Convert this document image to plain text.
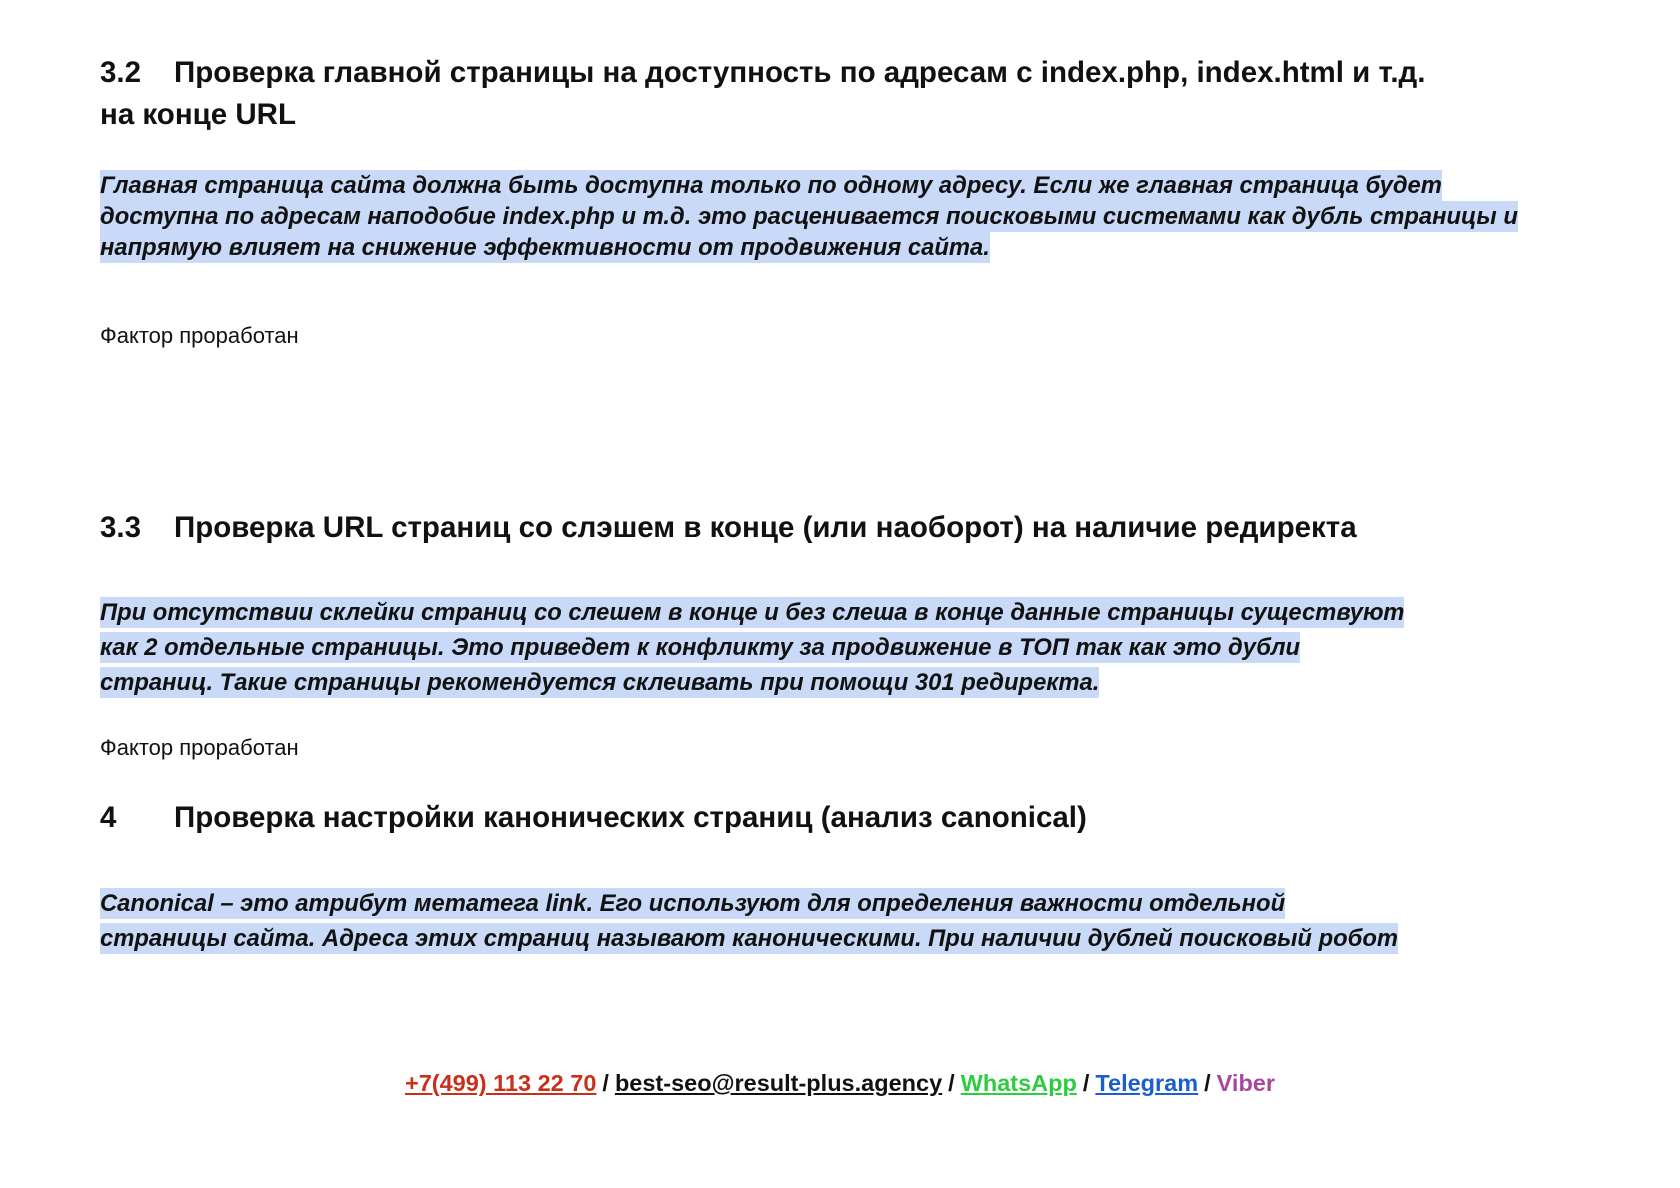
3.2 Проверка главной страницы на доступность по адресам с index.php, index.html и т.д.
на конце URL

Главная страница сайта должна быть доступна только по одному адресу. Если же главная страница будет
доступна по адресам наподобие index.php и т.д. это расценивается поисковыми системами как дубль страницы и
напрямую влияет на снижение эффективности от продвижения сайта.

Фактор проработан

3.3 Проверка URL страниц со слэшем в конце (или наоборот) на наличие редиректа

При отсутствии склейки страниц со слешем в конце и без слеша в конце данные страницы существуют
как 2 отдельные страницы. Это приведет к конфликту за продвижение в ТОП так как это дубли
страниц. Такие страницы рекомендуется склеивать при помощи 301 редиректа.

Фактор проработан

4 Проверка настройки канонических страниц (анализ canonical)

Canonical – это атрибут метатега link. Его используют для определения важности отдельной
страницы сайта. Адреса этих страниц называют каноническими. При наличии дублей поисковый робот

+7(499) 113 22 70 / best-seo@result-plus.agency / WhatsApp / Telegram / Viber
